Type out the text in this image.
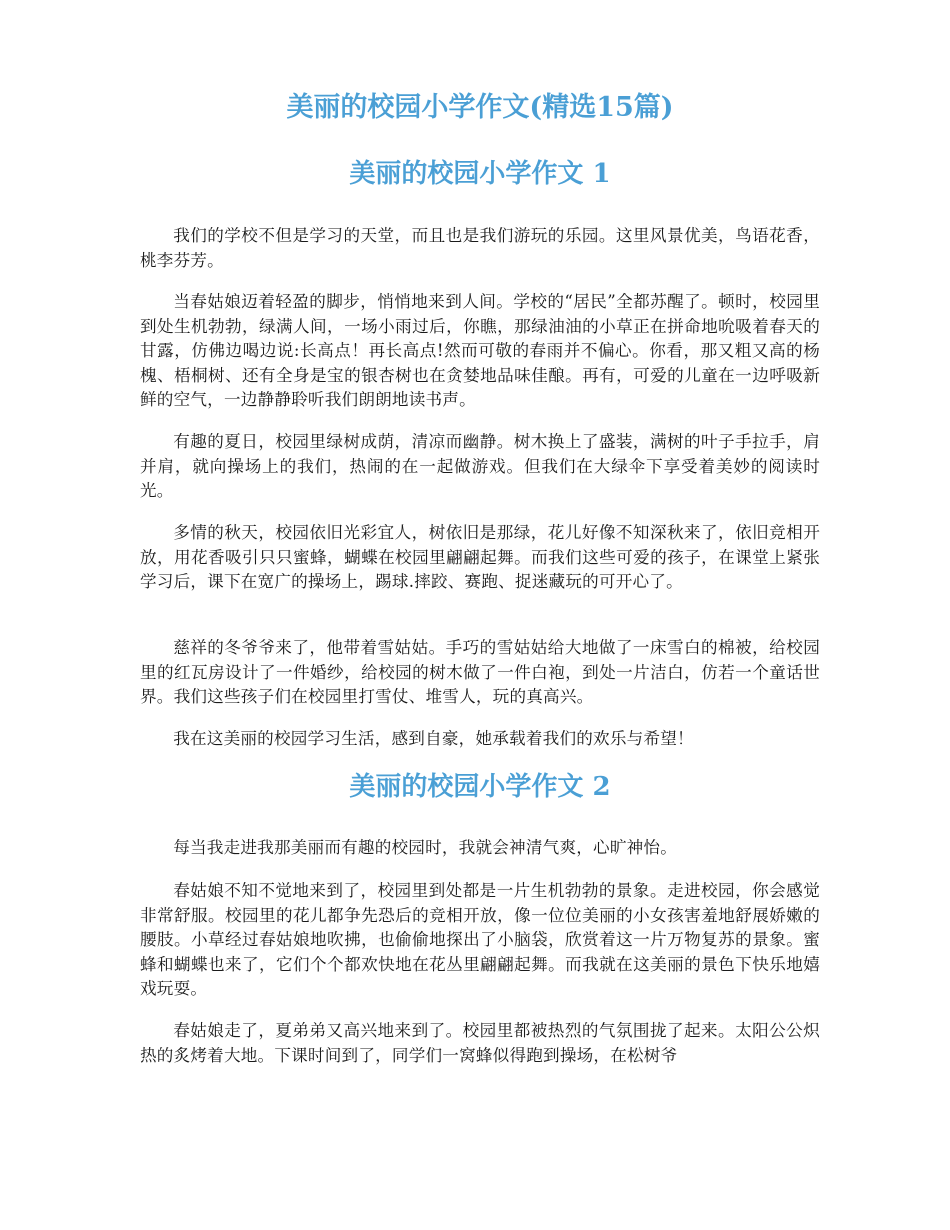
美丽的校园小学作文(精选15篇)
美丽的校园小学作文 1

我们的学校不但是学习的天堂，而且也是我们游玩的乐园。这里风景优美，鸟语花香，桃李芬芳。

当春姑娘迈着轻盈的脚步，悄悄地来到人间。学校的“居民”全都苏醒了。顿时，校园里到处生机勃勃，绿满人间，一场小雨过后，你瞧，那绿油油的小草正在拼命地吮吸着春天的甘露，仿佛边喝边说:长高点！再长高点!然而可敬的春雨并不偏心。你看，那又粗又高的杨槐、梧桐树、还有全身是宝的银杏树也在贪婪地品味佳酿。再有，可爱的儿童在一边呼吸新鲜的空气，一边静静聆听我们朗朗地读书声。

有趣的夏日，校园里绿树成荫，清凉而幽静。树木换上了盛装，满树的叶子手拉手，肩并肩，就向操场上的我们，热闹的在一起做游戏。但我们在大绿伞下享受着美妙的阅读时光。

多情的秋天，校园依旧光彩宜人，树依旧是那绿，花儿好像不知深秋来了，依旧竞相开放，用花香吸引只只蜜蜂，蝴蝶在校园里翩翩起舞。而我们这些可爱的孩子，在课堂上紧张学习后，课下在宽广的操场上，踢球.摔跤、赛跑、捉迷藏玩的可开心了。

慈祥的冬爷爷来了，他带着雪姑姑。手巧的雪姑姑给大地做了一床雪白的棉被，给校园里的红瓦房设计了一件婚纱，给校园的树木做了一件白袍，到处一片洁白，仿若一个童话世界。我们这些孩子们在校园里打雪仗、堆雪人，玩的真高兴。

我在这美丽的校园学习生活，感到自豪，她承载着我们的欢乐与希望！

美丽的校园小学作文 2

每当我走进我那美丽而有趣的校园时，我就会神清气爽，心旷神怡。

春姑娘不知不觉地来到了，校园里到处都是一片生机勃勃的景象。走进校园，你会感觉非常舒服。校园里的花儿都争先恐后的竞相开放，像一位位美丽的小女孩害羞地舒展娇嫩的腰肢。小草经过春姑娘地吹拂，也偷偷地探出了小脑袋，欣赏着这一片万物复苏的景象。蜜蜂和蝴蝶也来了，它们个个都欢快地在花丛里翩翩起舞。而我就在这美丽的景色下快乐地嬉戏玩耍。

春姑娘走了，夏弟弟又高兴地来到了。校园里都被热烈的气氛围拢了起来。太阳公公炽热的炙烤着大地。下课时间到了，同学们一窝蜂似得跑到操场，在松树爷
